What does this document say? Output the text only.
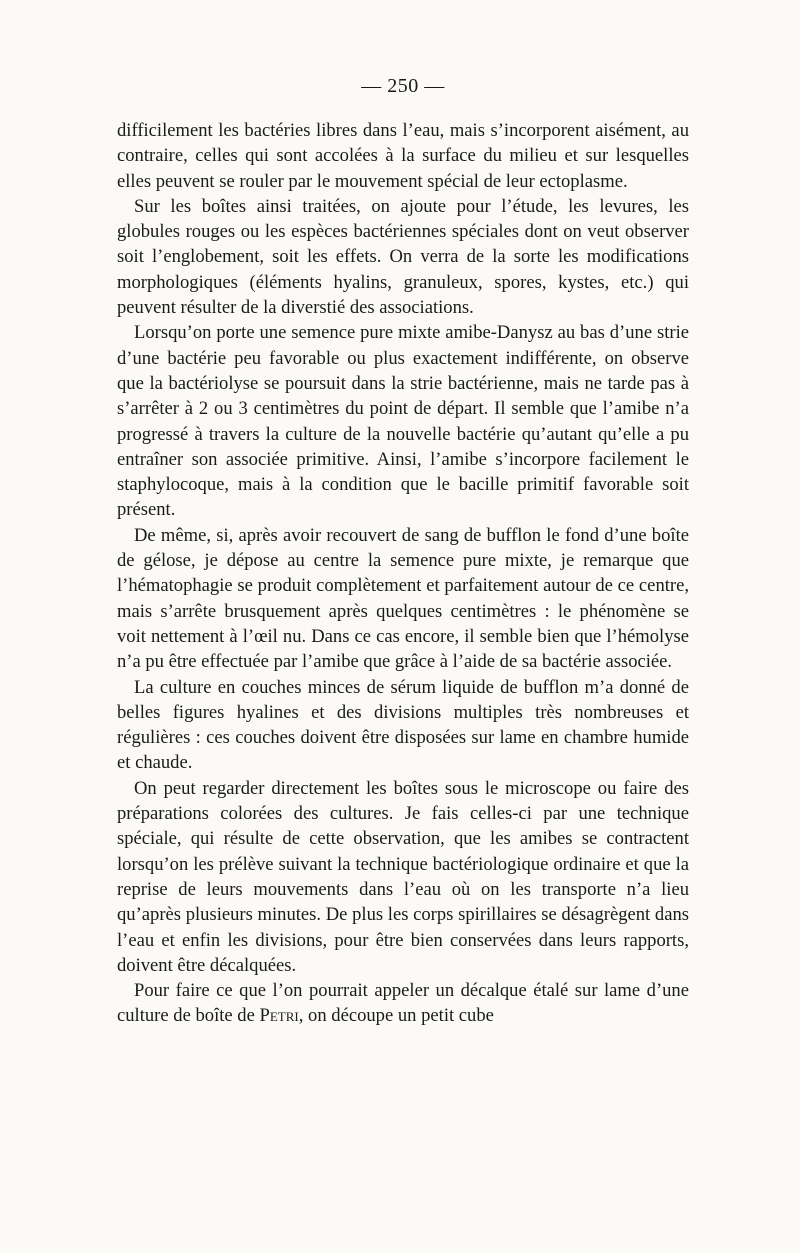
— 250 —

difficilement les bactéries libres dans l’eau, mais s’incorporent aisément, au contraire, celles qui sont accolées à la surface du milieu et sur lesquelles elles peuvent se rouler par le mouvement spécial de leur ectoplasme.

Sur les boîtes ainsi traitées, on ajoute pour l’étude, les levures, les globules rouges ou les espèces bactériennes spéciales dont on veut observer soit l’englobement, soit les effets. On verra de la sorte les modifications morphologiques (éléments hyalins, granuleux, spores, kystes, etc.) qui peuvent résulter de la diverstié des associations.

Lorsqu’on porte une semence pure mixte amibe-Danysz au bas d’une strie d’une bactérie peu favorable ou plus exactement indifférente, on observe que la bactériolyse se poursuit dans la strie bactérienne, mais ne tarde pas à s’arrêter à 2 ou 3 centimètres du point de départ. Il semble que l’amibe n’a progressé à travers la culture de la nouvelle bactérie qu’autant qu’elle a pu entraîner son associée primitive. Ainsi, l’amibe s’incorpore facilement le staphylocoque, mais à la condition que le bacille primitif favorable soit présent.

De même, si, après avoir recouvert de sang de bufflon le fond d’une boîte de gélose, je dépose au centre la semence pure mixte, je remarque que l’hématophagie se produit complètement et parfaitement autour de ce centre, mais s’arrête brusquement après quelques centimètres : le phénomène se voit nettement à l’œil nu. Dans ce cas encore, il semble bien que l’hémolyse n’a pu être effectuée par l’amibe que grâce à l’aide de sa bactérie associée.

La culture en couches minces de sérum liquide de bufflon m’a donné de belles figures hyalines et des divisions multiples très nombreuses et régulières : ces couches doivent être disposées sur lame en chambre humide et chaude.

On peut regarder directement les boîtes sous le microscope ou faire des préparations colorées des cultures. Je fais celles-ci par une technique spéciale, qui résulte de cette observation, que les amibes se contractent lorsqu’on les prélève suivant la technique bactériologique ordinaire et que la reprise de leurs mouvements dans l’eau où on les transporte n’a lieu qu’après plusieurs minutes. De plus les corps spirillaires se désagrègent dans l’eau et enfin les divisions, pour être bien conservées dans leurs rapports, doivent être décalquées.

Pour faire ce que l’on pourrait appeler un décalque étalé sur lame d’une culture de boîte de Petri, on découpe un petit cube
